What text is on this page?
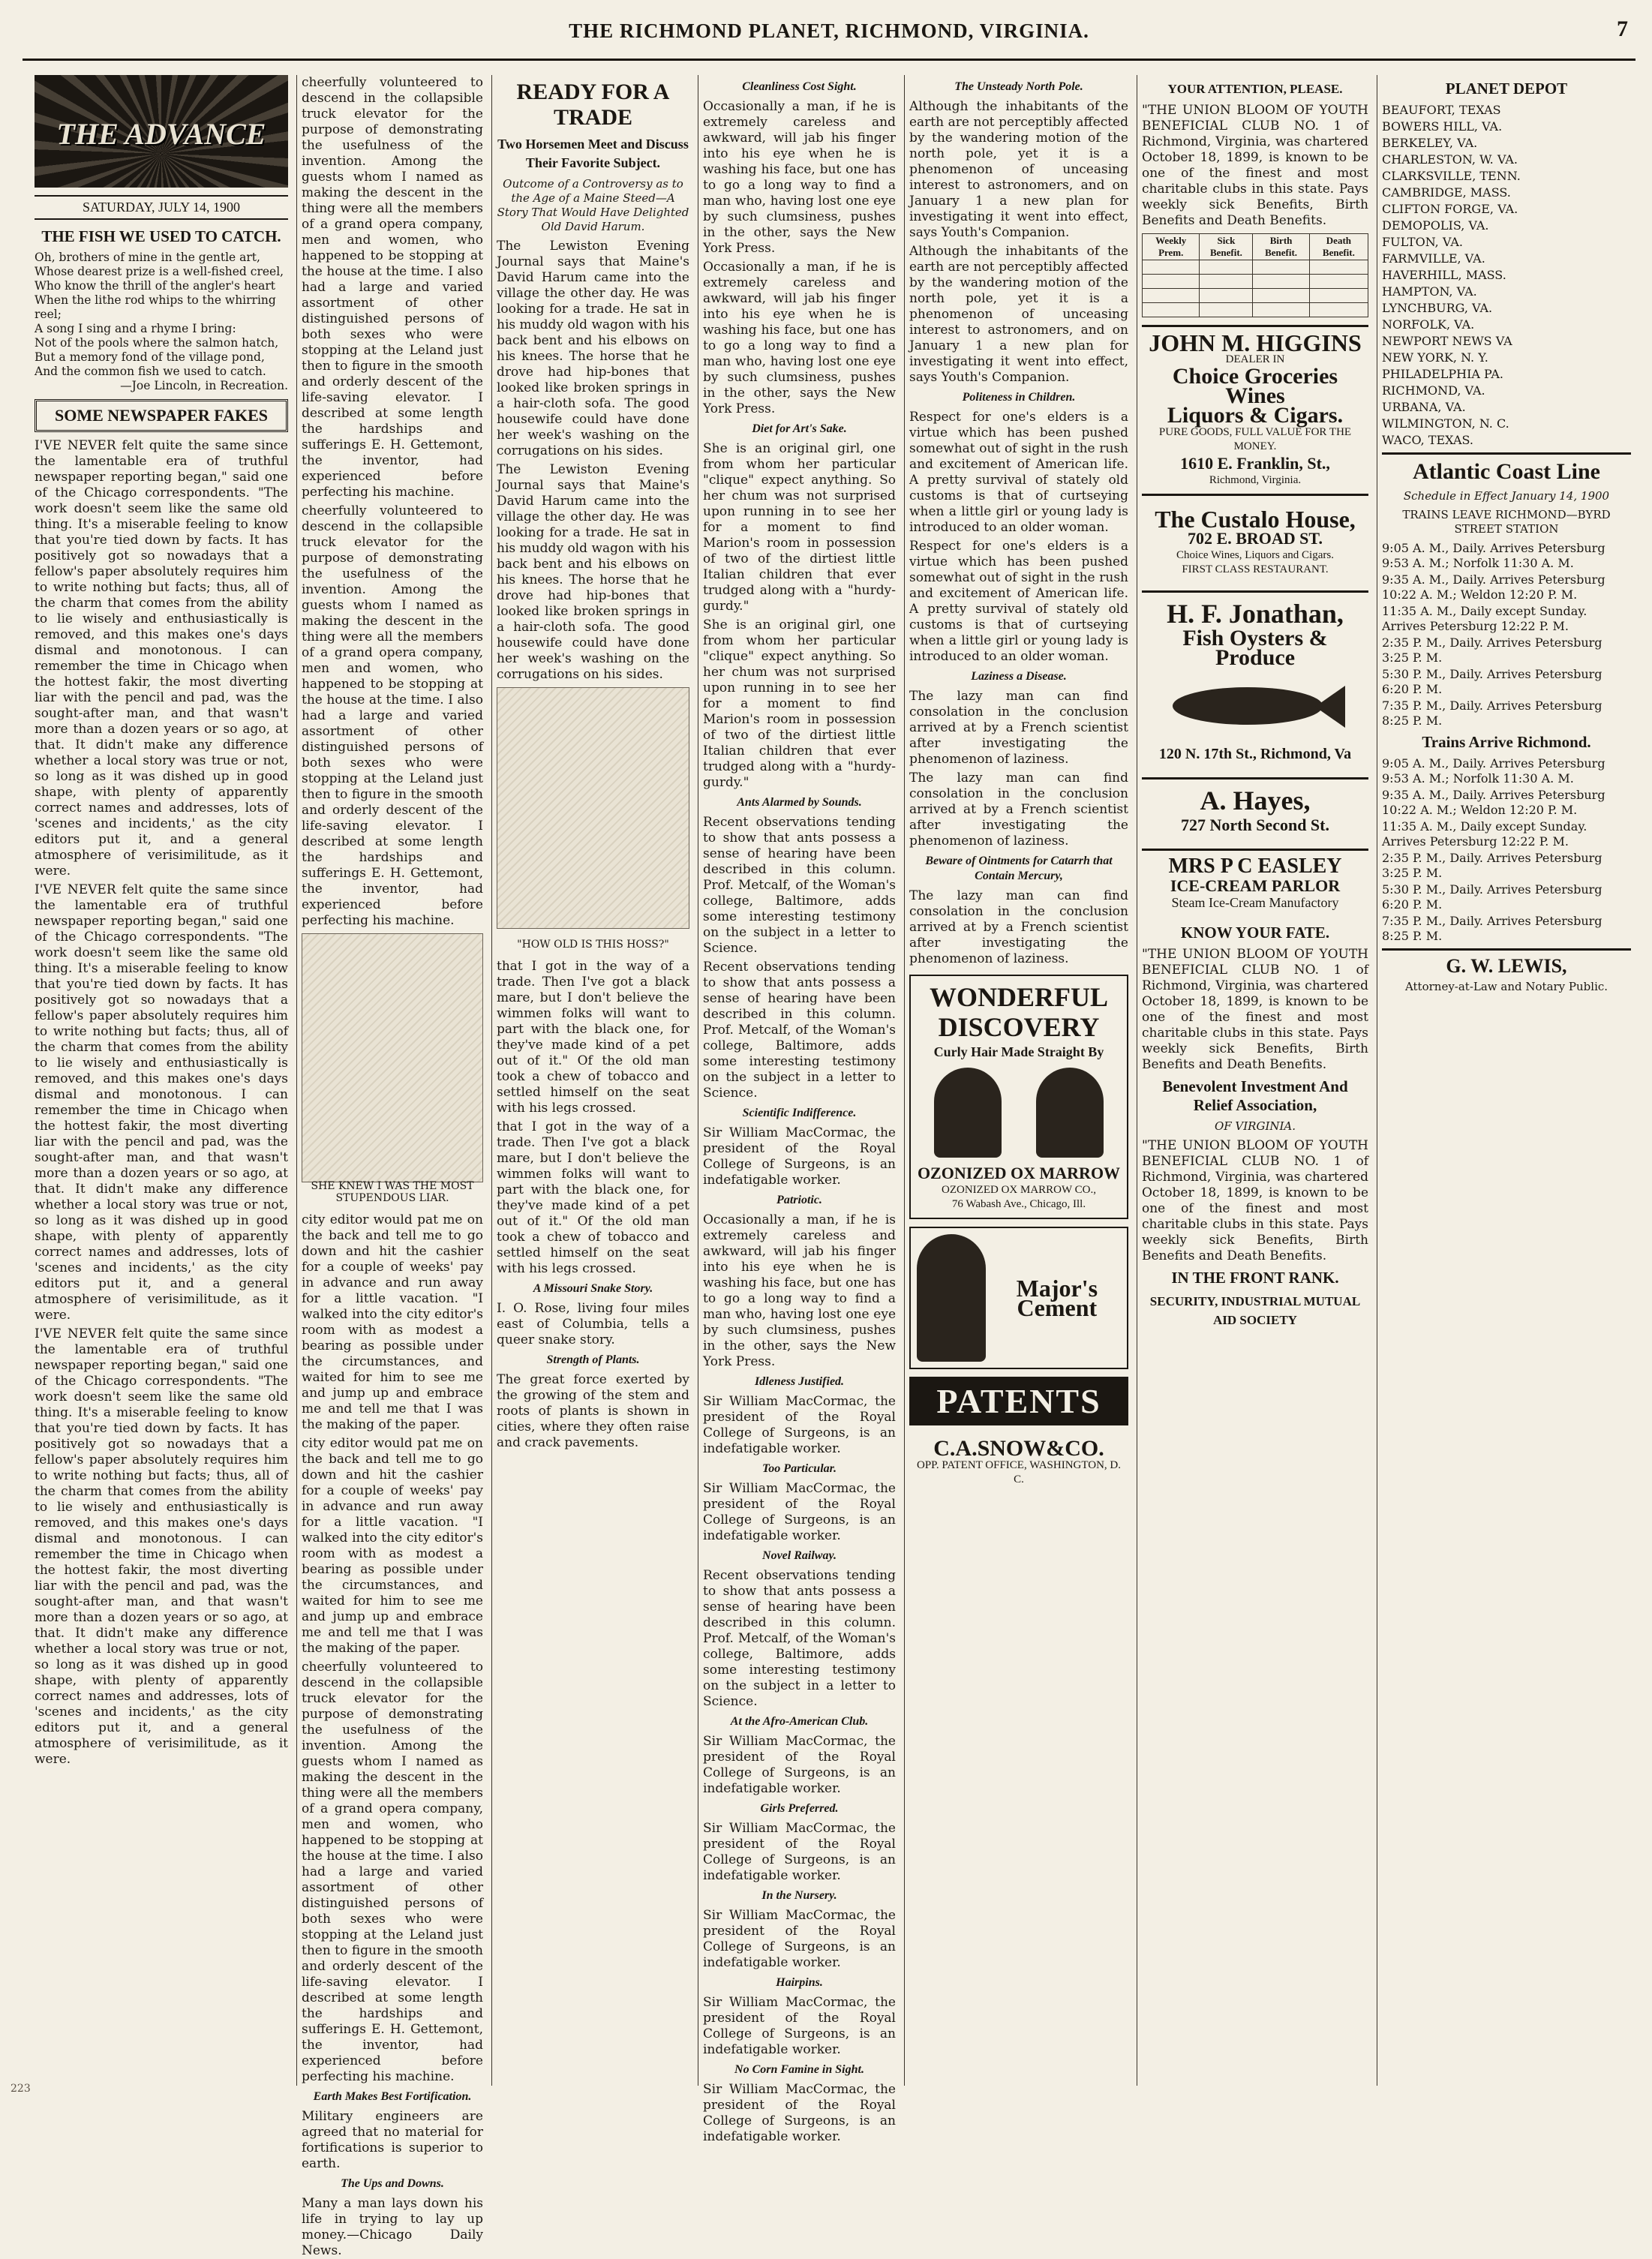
THE RICHMOND PLANET, RICHMOND, VIRGINIA.	7
THE ADVANCE
SATURDAY, JULY 14, 1900
THE FISH WE USED TO CATCH.
Oh, brothers of mine in the gentle art,
Whose dearest prize is a well-fished creel,
Who know the thrill of the angler's heart
When the lithe rod whips to the whirring reel;
A song I sing and a rhyme I bring:
Not of the pools where the salmon hatch,
But a memory fond of the village pond,
And the common fish we used to catch.
—Joe Lincoln, in Recreation.
SOME NEWSPAPER FAKES

I'VE NEVER felt quite the same since the lamentable era of truthful newspaper reporting began," said one of the Chicago correspondents. "The work doesn't seem like the same old thing. It's a miserable feeling to know that you're tied down by facts. It has positively got so nowadays that a fellow's paper absolutely requires him to write nothing but facts; thus, all of the charm that comes from the ability to lie wisely and enthusiastically is removed, and this makes one's days dismal and monotonous. I can remember the time in Chicago when the hottest fakir, the most diverting liar with the pencil and pad, was the sought-after man, and that wasn't more than a dozen years or so ago, at that. It didn't make any difference whether a local story was true or not, so long as it was dished up in good shape, with plenty of apparently correct names and addresses, lots of 'scenes and incidents,' as the city editors put it, and a general atmosphere of verisimilitude, as it were.

I'VE NEVER felt quite the same since the lamentable era of truthful newspaper reporting began," said one of the Chicago correspondents. "The work doesn't seem like the same old thing. It's a miserable feeling to know that you're tied down by facts. It has positively got so nowadays that a fellow's paper absolutely requires him to write nothing but facts; thus, all of the charm that comes from the ability to lie wisely and enthusiastically is removed, and this makes one's days dismal and monotonous. I can remember the time in Chicago when the hottest fakir, the most diverting liar with the pencil and pad, was the sought-after man, and that wasn't more than a dozen years or so ago, at that. It didn't make any difference whether a local story was true or not, so long as it was dished up in good shape, with plenty of apparently correct names and addresses, lots of 'scenes and incidents,' as the city editors put it, and a general atmosphere of verisimilitude, as it were.

I'VE NEVER felt quite the same since the lamentable era of truthful newspaper reporting began," said one of the Chicago correspondents. "The work doesn't seem like the same old thing. It's a miserable feeling to know that you're tied down by facts. It has positively got so nowadays that a fellow's paper absolutely requires him to write nothing but facts; thus, all of the charm that comes from the ability to lie wisely and enthusiastically is removed, and this makes one's days dismal and monotonous. I can remember the time in Chicago when the hottest fakir, the most diverting liar with the pencil and pad, was the sought-after man, and that wasn't more than a dozen years or so ago, at that. It didn't make any difference whether a local story was true or not, so long as it was dished up in good shape, with plenty of apparently correct names and addresses, lots of 'scenes and incidents,' as the city editors put it, and a general atmosphere of verisimilitude, as it were.

cheerfully volunteered to descend in the collapsible truck elevator for the purpose of demonstrating the usefulness of the invention. Among the guests whom I named as making the descent in the thing were all the members of a grand opera company, men and women, who happened to be stopping at the house at the time. I also had a large and varied assortment of other distinguished persons of both sexes who were stopping at the Leland just then to figure in the smooth and orderly descent of the life-saving elevator. I described at some length the hardships and sufferings E. H. Gettemont, the inventor, had experienced before perfecting his machine.

cheerfully volunteered to descend in the collapsible truck elevator for the purpose of demonstrating the usefulness of the invention. Among the guests whom I named as making the descent in the thing were all the members of a grand opera company, men and women, who happened to be stopping at the house at the time. I also had a large and varied assortment of other distinguished persons of both sexes who were stopping at the Leland just then to figure in the smooth and orderly descent of the life-saving elevator. I described at some length the hardships and sufferings E. H. Gettemont, the inventor, had experienced before perfecting his machine.

SHE KNEW I WAS THE MOST STUPENDOUS LIAR.

city editor would pat me on the back and tell me to go down and hit the cashier for a couple of weeks' pay in advance and run away for a little vacation. "I walked into the city editor's room with as modest a bearing as possible under the circumstances, and waited for him to see me and jump up and embrace me and tell me that I was the making of the paper.

city editor would pat me on the back and tell me to go down and hit the cashier for a couple of weeks' pay in advance and run away for a little vacation. "I walked into the city editor's room with as modest a bearing as possible under the circumstances, and waited for him to see me and jump up and embrace me and tell me that I was the making of the paper.

cheerfully volunteered to descend in the collapsible truck elevator for the purpose of demonstrating the usefulness of the invention. Among the guests whom I named as making the descent in the thing were all the members of a grand opera company, men and women, who happened to be stopping at the house at the time. I also had a large and varied assortment of other distinguished persons of both sexes who were stopping at the Leland just then to figure in the smooth and orderly descent of the life-saving elevator. I described at some length the hardships and sufferings E. H. Gettemont, the inventor, had experienced before perfecting his machine.

Earth Makes Best Fortification.

Military engineers are agreed that no material for fortifications is superior to earth.

The Ups and Downs.

Many a man lays down his life in trying to lay up money.—Chicago Daily News.

READY FOR A TRADE
Two Horsemen Meet and Discuss Their Favorite Subject.
Outcome of a Controversy as to the Age of a Maine Steed—A Story That Would Have Delighted Old David Harum.

The Lewiston Evening Journal says that Maine's David Harum came into the village the other day. He was looking for a trade. He sat in his muddy old wagon with his back bent and his elbows on his knees. The horse that he drove had hip-bones that looked like broken springs in a hair-cloth sofa. The good housewife could have done her week's washing on the corrugations on his sides.

The Lewiston Evening Journal says that Maine's David Harum came into the village the other day. He was looking for a trade. He sat in his muddy old wagon with his back bent and his elbows on his knees. The horse that he drove had hip-bones that looked like broken springs in a hair-cloth sofa. The good housewife could have done her week's washing on the corrugations on his sides.

"HOW OLD IS THIS HOSS?"

that I got in the way of a trade. Then I've got a black mare, but I don't believe the wimmen folks will want to part with the black one, for they've made kind of a pet out of it." Of the old man took a chew of tobacco and settled himself on the seat with his legs crossed.

that I got in the way of a trade. Then I've got a black mare, but I don't believe the wimmen folks will want to part with the black one, for they've made kind of a pet out of it." Of the old man took a chew of tobacco and settled himself on the seat with his legs crossed.

A Missouri Snake Story.

I. O. Rose, living four miles east of Columbia, tells a queer snake story.

Strength of Plants.

The great force exerted by the growing of the stem and roots of plants is shown in cities, where they often raise and crack pavements.

Cleanliness Cost Sight.

Occasionally a man, if he is extremely careless and awkward, will jab his finger into his eye when he is washing his face, but one has to go a long way to find a man who, having lost one eye by such clumsiness, pushes in the other, says the New York Press.

Occasionally a man, if he is extremely careless and awkward, will jab his finger into his eye when he is washing his face, but one has to go a long way to find a man who, having lost one eye by such clumsiness, pushes in the other, says the New York Press.

Diet for Art's Sake.

She is an original girl, one from whom her particular "clique" expect anything. So her chum was not surprised upon running in to see her for a moment to find Marion's room in possession of two of the dirtiest little Italian children that ever trudged along with a "hurdy-gurdy."

She is an original girl, one from whom her particular "clique" expect anything. So her chum was not surprised upon running in to see her for a moment to find Marion's room in possession of two of the dirtiest little Italian children that ever trudged along with a "hurdy-gurdy."

Ants Alarmed by Sounds.

Recent observations tending to show that ants possess a sense of hearing have been described in this column. Prof. Metcalf, of the Woman's college, Baltimore, adds some interesting testimony on the subject in a letter to Science.

Recent observations tending to show that ants possess a sense of hearing have been described in this column. Prof. Metcalf, of the Woman's college, Baltimore, adds some interesting testimony on the subject in a letter to Science.

Scientific Indifference.

Sir William MacCormac, the president of the Royal College of Surgeons, is an indefatigable worker.

Patriotic.

Occasionally a man, if he is extremely careless and awkward, will jab his finger into his eye when he is washing his face, but one has to go a long way to find a man who, having lost one eye by such clumsiness, pushes in the other, says the New York Press.

Idleness Justified.

Sir William MacCormac, the president of the Royal College of Surgeons, is an indefatigable worker.

Too Particular.

Sir William MacCormac, the president of the Royal College of Surgeons, is an indefatigable worker.

Novel Railway.

Recent observations tending to show that ants possess a sense of hearing have been described in this column. Prof. Metcalf, of the Woman's college, Baltimore, adds some interesting testimony on the subject in a letter to Science.

At the Afro-American Club.

Sir William MacCormac, the president of the Royal College of Surgeons, is an indefatigable worker.

Girls Preferred.

Sir William MacCormac, the president of the Royal College of Surgeons, is an indefatigable worker.

In the Nursery.

Sir William MacCormac, the president of the Royal College of Surgeons, is an indefatigable worker.

Hairpins.

Sir William MacCormac, the president of the Royal College of Surgeons, is an indefatigable worker.

No Corn Famine in Sight.

Sir William MacCormac, the president of the Royal College of Surgeons, is an indefatigable worker.

The Unsteady North Pole.

Although the inhabitants of the earth are not perceptibly affected by the wandering motion of the north pole, yet it is a phenomenon of unceasing interest to astronomers, and on January 1 a new plan for investigating it went into effect, says Youth's Companion.

Although the inhabitants of the earth are not perceptibly affected by the wandering motion of the north pole, yet it is a phenomenon of unceasing interest to astronomers, and on January 1 a new plan for investigating it went into effect, says Youth's Companion.

Politeness in Children.

Respect for one's elders is a virtue which has been pushed somewhat out of sight in the rush and excitement of American life. A pretty survival of stately old customs is that of curtseying when a little girl or young lady is introduced to an older woman.

Respect for one's elders is a virtue which has been pushed somewhat out of sight in the rush and excitement of American life. A pretty survival of stately old customs is that of curtseying when a little girl or young lady is introduced to an older woman.

Laziness a Disease.

The lazy man can find consolation in the conclusion arrived at by a French scientist after investigating the phenomenon of laziness.

The lazy man can find consolation in the conclusion arrived at by a French scientist after investigating the phenomenon of laziness.

Beware of Ointments for Catarrh that Contain Mercury,

The lazy man can find consolation in the conclusion arrived at by a French scientist after investigating the phenomenon of laziness.

WONDERFUL
DISCOVERY
Curly Hair Made Straight By
OZONIZED OX MARROW
OZONIZED OX MARROW CO.,
76 Wabash Ave., Chicago, Ill.
Major's Cement
PATENTS
C.A.SNOW&CO.
OPP. PATENT OFFICE, WASHINGTON, D. C.
YOUR ATTENTION, PLEASE.

"THE UNION BLOOM OF YOUTH BENEFICIAL CLUB NO. 1 of Richmond, Virginia, was chartered October 18, 1899, is known to be one of the finest and most charitable clubs in this state. Pays weekly sick Benefits, Birth Benefits and Death Benefits.

Weekly Prem.	Sick Benefit.	Birth Benefit.	Death Benefit.

JOHN M. HIGGINS
DEALER IN
Choice Groceries Wines
Liquors & Cigars.
PURE GOODS, FULL VALUE FOR THE MONEY.
1610 E. Franklin, St.,
Richmond, Virginia.
The Custalo House,
702 E. BROAD ST.
Choice Wines, Liquors and Cigars.
FIRST CLASS RESTAURANT.
H. F. Jonathan,
Fish Oysters & Produce
120 N. 17th St., Richmond, Va
A. Hayes,
727 North Second St.
MRS P C EASLEY
ICE-CREAM PARLOR
Steam Ice-Cream Manufactory
KNOW YOUR FATE.

"THE UNION BLOOM OF YOUTH BENEFICIAL CLUB NO. 1 of Richmond, Virginia, was chartered October 18, 1899, is known to be one of the finest and most charitable clubs in this state. Pays weekly sick Benefits, Birth Benefits and Death Benefits.

Benevolent Investment And Relief Association,
OF VIRGINIA.

"THE UNION BLOOM OF YOUTH BENEFICIAL CLUB NO. 1 of Richmond, Virginia, was chartered October 18, 1899, is known to be one of the finest and most charitable clubs in this state. Pays weekly sick Benefits, Birth Benefits and Death Benefits.

IN THE FRONT RANK.
SECURITY, INDUSTRIAL MUTUAL AID SOCIETY
PLANET DEPOT

BEAUFORT, TEXAS

BOWERS HILL, VA.

BERKELEY, VA.

CHARLESTON, W. VA.

CLARKSVILLE, TENN.

CAMBRIDGE, MASS.

CLIFTON FORGE, VA.

DEMOPOLIS, VA.

FULTON, VA.

FARMVILLE, VA.

HAVERHILL, MASS.

HAMPTON, VA.

LYNCHBURG, VA.

NORFOLK, VA.

NEWPORT NEWS VA

NEW YORK, N. Y.

PHILADELPHIA PA.

RICHMOND, VA.

URBANA, VA.

WILMINGTON, N. C.

WACO, TEXAS.

Atlantic Coast Line
Schedule in Effect January 14, 1900
TRAINS LEAVE RICHMOND—BYRD STREET STATION

9:05 A. M., Daily. Arrives Petersburg 9:53 A. M.; Norfolk 11:30 A. M.

9:35 A. M., Daily. Arrives Petersburg 10:22 A. M.; Weldon 12:20 P. M.

11:35 A. M., Daily except Sunday. Arrives Petersburg 12:22 P. M.

2:35 P. M., Daily. Arrives Petersburg 3:25 P. M.

5:30 P. M., Daily. Arrives Petersburg 6:20 P. M.

7:35 P. M., Daily. Arrives Petersburg 8:25 P. M.

Trains Arrive Richmond.

9:05 A. M., Daily. Arrives Petersburg 9:53 A. M.; Norfolk 11:30 A. M.

9:35 A. M., Daily. Arrives Petersburg 10:22 A. M.; Weldon 12:20 P. M.

11:35 A. M., Daily except Sunday. Arrives Petersburg 12:22 P. M.

2:35 P. M., Daily. Arrives Petersburg 3:25 P. M.

5:30 P. M., Daily. Arrives Petersburg 6:20 P. M.

7:35 P. M., Daily. Arrives Petersburg 8:25 P. M.

G. W. LEWIS,
Attorney-at-Law and Notary Public.
223
